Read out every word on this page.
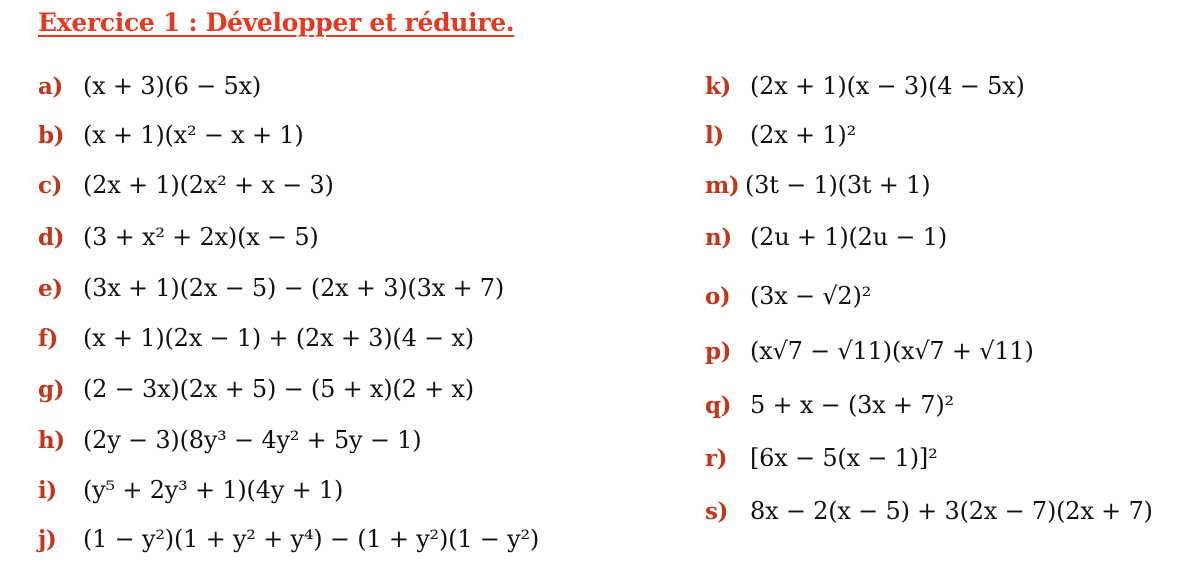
Exercice 1 : Développer et réduire.
a) (x + 3)(6 − 5x)
b) (x + 1)(x² − x + 1)
c) (2x + 1)(2x² + x − 3)
d) (3 + x² + 2x)(x − 5)
e) (3x + 1)(2x − 5) − (2x + 3)(3x + 7)
f)	(x + 1)(2x − 1) + (2x + 3)(4 − x)
g) (2 − 3x)(2x + 5) − (5 + x)(2 + x)
h) (2y − 3)(8y³ − 4y² + 5y − 1)
i)	(y⁵ + 2y³ + 1)(4y + 1)
j)	(1 − y²)(1 + y² + y⁴) − (1 + y²)(1 − y²)
k) (2x + 1)(x − 3)(4 − 5x)
l)	(2x + 1)²
m) (3t − 1)(3t + 1)
n) (2u + 1)(2u − 1)
o) (3x − √2)²
p) (x√7 − √11)(x√7 + √11)
q) 5 + x − (3x + 7)²
r) [6x − 5(x − 1)]²
s) 8x − 2(x − 5) + 3(2x − 7)(2x + 7)
